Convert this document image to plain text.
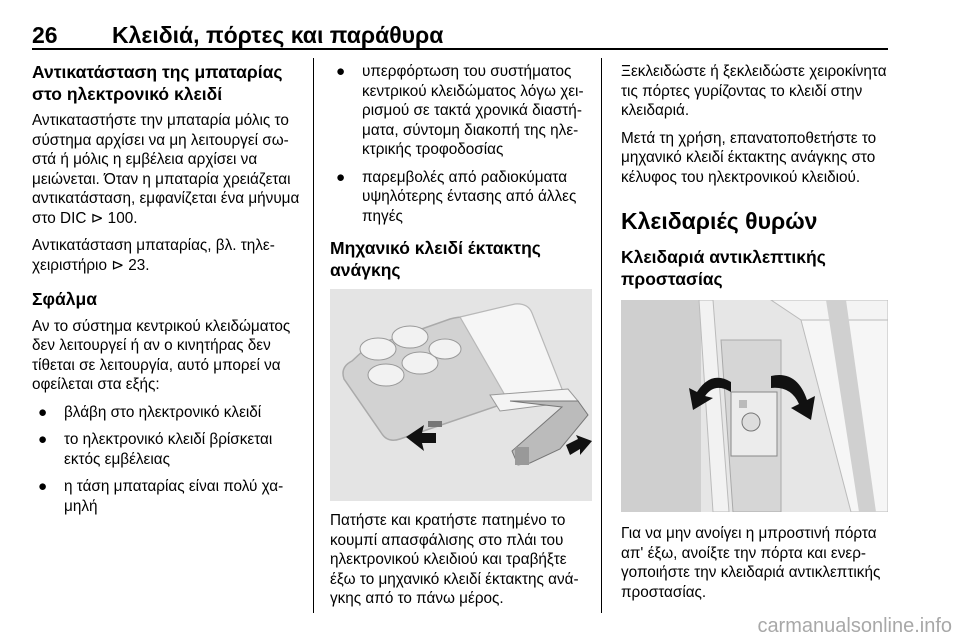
26 Κλειδιά, πόρτες και παράθυρα
Αντικατάσταση της μπαταρίας στο ηλεκτρονικό κλειδί

Αντικαταστήστε την μπαταρία μόλις το σύστημα αρχίσει να μη λειτουργεί σωστά ή μόλις η εμβέλεια αρχίσει να μειώνεται. Όταν η μπαταρία χρειάζεται αντικατάσταση, εμφανίζεται ένα μήνυμα στο DIC ⊳ 100.

Αντικατάσταση μπαταρίας, βλ. τηλεχειριστήριο ⊳ 23.

Σφάλμα

Αν το σύστημα κεντρικού κλειδώματος δεν λειτουργεί ή αν ο κινητήρας δεν τίθεται σε λειτουργία, αυτό μπορεί να οφείλεται στα εξής:

● βλάβη στο ηλεκτρονικό κλειδί
● το ηλεκτρονικό κλειδί βρίσκεται εκτός εμβέλειας
● η τάση μπαταρίας είναι πολύ χαμηλή
● υπερφόρτωση του συστήματος κεντρικού κλειδώματος λόγω χειρισμού σε τακτά χρονικά διαστήματα, σύντομη διακοπή της ηλεκτρικής τροφοδοσίας
● παρεμβολές από ραδιοκύματα υψηλότερης έντασης από άλλες πηγές
Μηχανικό κλειδί έκτακτης ανάγκης

Πατήστε και κρατήστε πατημένο το κουμπί απασφάλισης στο πλάι του ηλεκτρονικού κλειδιού και τραβήξτε έξω το μηχανικό κλειδί έκτακτης ανάγκης από το πάνω μέρος.

Ξεκλειδώστε ή ξεκλειδώστε χειροκίνητα τις πόρτες γυρίζοντας το κλειδί στην κλειδαριά.

Μετά τη χρήση, επανατοποθετήστε το μηχανικό κλειδί έκτακτης ανάγκης στο κέλυφος του ηλεκτρονικού κλειδιού.

Κλειδαριές θυρών
Κλειδαριά αντικλεπτικής προστασίας

Για να μην ανοίγει η μπροστινή πόρτα απ' έξω, ανοίξτε την πόρτα και ενεργοποιήστε την κλειδαριά αντικλεπτικής προστασίας.

carmanualsonline.info
